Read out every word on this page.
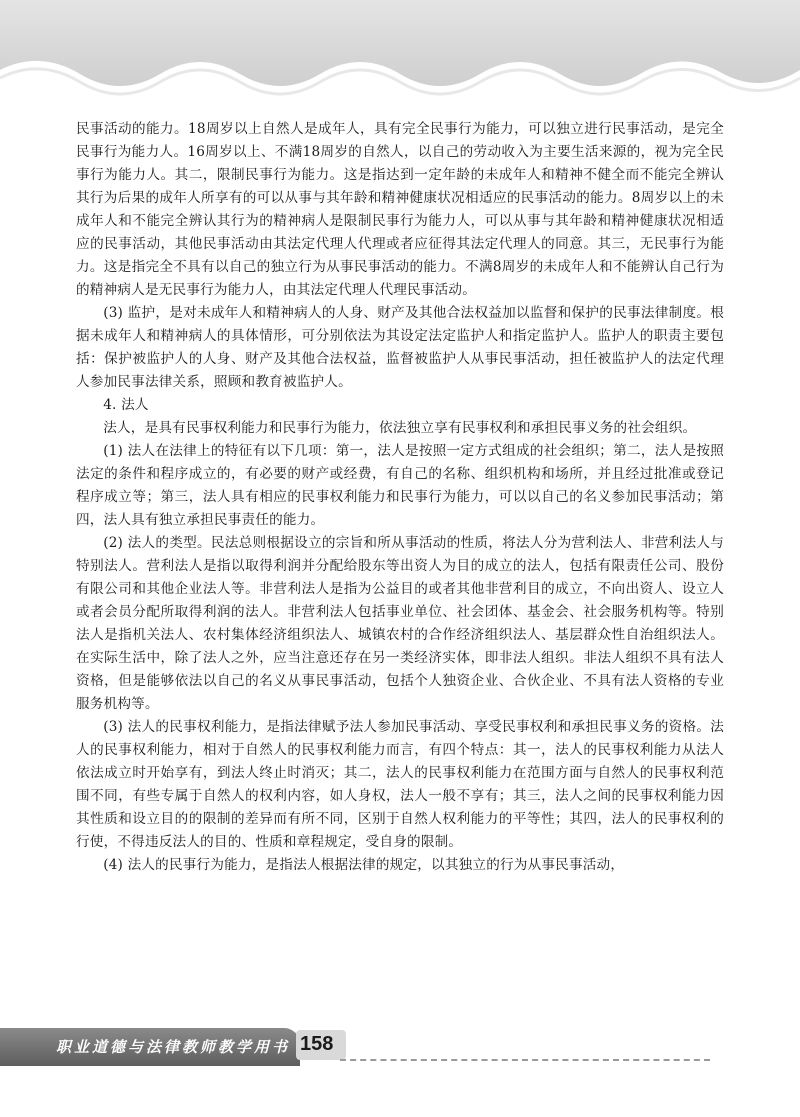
民事活动的能力。18周岁以上自然人是成年人，具有完全民事行为能力，可以独立进行民事活动，是完全民事行为能力人。16周岁以上、不满18周岁的自然人，以自己的劳动收入为主要生活来源的，视为完全民事行为能力人。其二，限制民事行为能力。这是指达到一定年龄的未成年人和精神不健全而不能完全辨认其行为后果的成年人所享有的可以从事与其年龄和精神健康状况相适应的民事活动的能力。8周岁以上的未成年人和不能完全辨认其行为的精神病人是限制民事行为能力人，可以从事与其年龄和精神健康状况相适应的民事活动，其他民事活动由其法定代理人代理或者应征得其法定代理人的同意。其三，无民事行为能力。这是指完全不具有以自己的独立行为从事民事活动的能力。不满8周岁的未成年人和不能辨认自己行为的精神病人是无民事行为能力人，由其法定代理人代理民事活动。

(3) 监护，是对未成年人和精神病人的人身、财产及其他合法权益加以监督和保护的民事法律制度。根据未成年人和精神病人的具体情形，可分别依法为其设定法定监护人和指定监护人。监护人的职责主要包括：保护被监护人的人身、财产及其他合法权益，监督被监护人从事民事活动，担任被监护人的法定代理人参加民事法律关系，照顾和教育被监护人。

4. 法人

法人，是具有民事权利能力和民事行为能力，依法独立享有民事权利和承担民事义务的社会组织。

(1) 法人在法律上的特征有以下几项：第一，法人是按照一定方式组成的社会组织；第二，法人是按照法定的条件和程序成立的，有必要的财产或经费，有自己的名称、组织机构和场所，并且经过批准或登记程序成立等；第三，法人具有相应的民事权利能力和民事行为能力，可以以自己的名义参加民事活动；第四，法人具有独立承担民事责任的能力。

(2) 法人的类型。民法总则根据设立的宗旨和所从事活动的性质，将法人分为营利法人、非营利法人与特别法人。营利法人是指以取得利润并分配给股东等出资人为目的成立的法人，包括有限责任公司、股份有限公司和其他企业法人等。非营利法人是指为公益目的或者其他非营利目的成立，不向出资人、设立人或者会员分配所取得利润的法人。非营利法人包括事业单位、社会团体、基金会、社会服务机构等。特别法人是指机关法人、农村集体经济组织法人、城镇农村的合作经济组织法人、基层群众性自治组织法人。在实际生活中，除了法人之外，应当注意还存在另一类经济实体，即非法人组织。非法人组织不具有法人资格，但是能够依法以自己的名义从事民事活动，包括个人独资企业、合伙企业、不具有法人资格的专业服务机构等。

(3) 法人的民事权利能力，是指法律赋予法人参加民事活动、享受民事权利和承担民事义务的资格。法人的民事权利能力，相对于自然人的民事权利能力而言，有四个特点：其一，法人的民事权利能力从法人依法成立时开始享有，到法人终止时消灭；其二，法人的民事权利能力在范围方面与自然人的民事权利范围不同，有些专属于自然人的权利内容，如人身权，法人一般不享有；其三，法人之间的民事权利能力因其性质和设立目的的限制的差异而有所不同，区别于自然人权利能力的平等性；其四，法人的民事权利的行使，不得违反法人的目的、性质和章程规定，受自身的限制。

(4) 法人的民事行为能力，是指法人根据法律的规定，以其独立的行为从事民事活动，

职业道德与法律教师教学用书 158
